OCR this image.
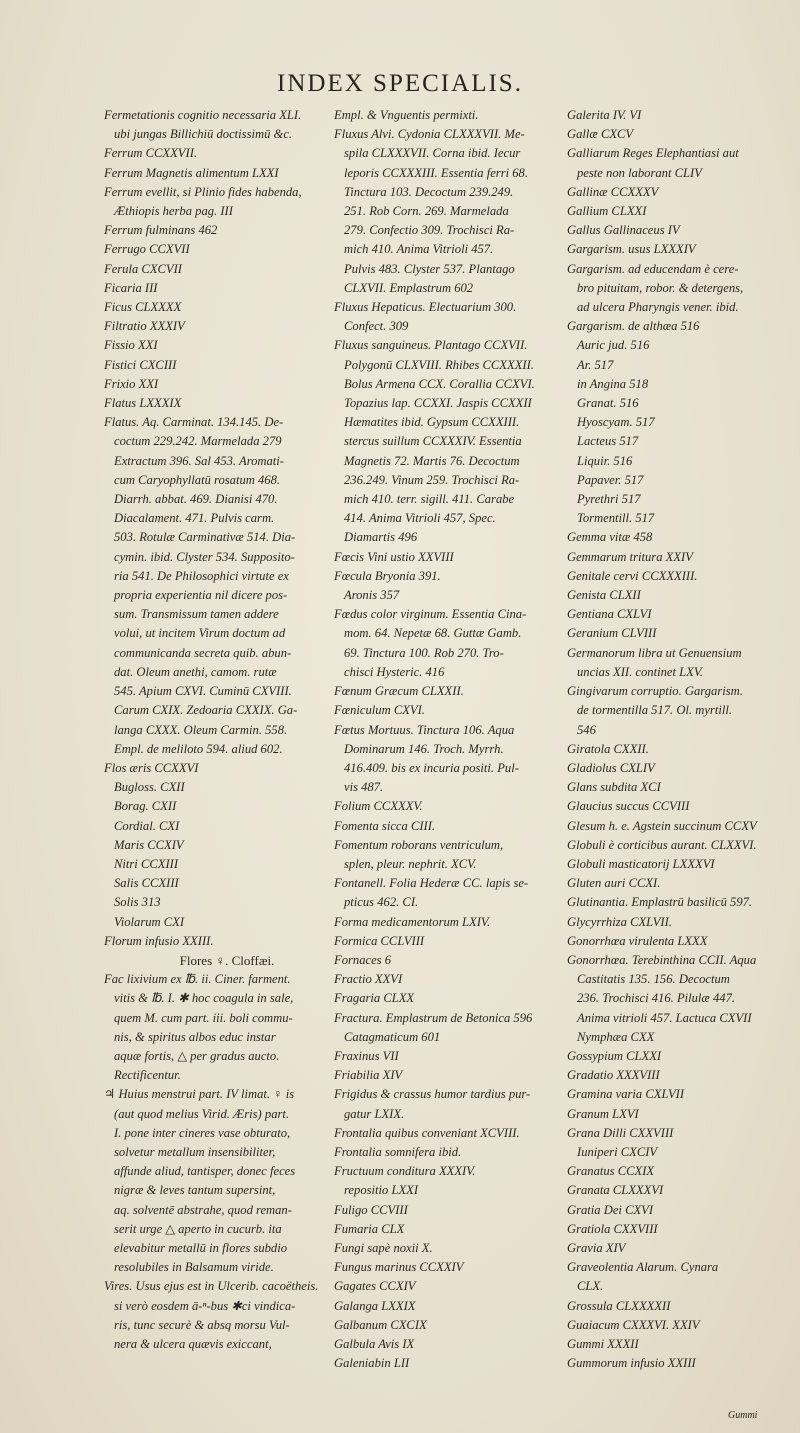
INDEX SPECIALIS.
Fermetationis cognitio necessaria XLI.
ubi jungas Billichiū doctissimū &c.
Ferrum CCXXVII.
Ferrum Magnetis alimentum LXXI
Ferrum evellit, si Plinio fides habenda,
Æthiopis herba pag. III
Ferrum fulminans 462
Ferrugo CCXVII
Ferula CXCVII
Ficaria III
Ficus CLXXXX
Filtratio XXXIV
Fissio XXI
Fistici CXCIII
Frixio XXI
Flatus LXXXIX
Flatus. Aq. Carminat. 134.145. De-
coctum 229.242. Marmelada 279
Extractum 396. Sal 453. Aromati-
cum Caryophyllatū rosatum 468.
Diarrh. abbat. 469. Dianisi 470.
Diacalament. 471. Pulvis carm.
503. Rotulæ Carminativæ 514. Dia-
cymin. ibid. Clyster 534. Supposito-
ria 541. De Philosophici virtute ex
propria experientia nil dicere pos-
sum. Transmissum tamen addere
volui, ut incitem Virum doctum ad
communicanda secreta quib. abun-
dat. Oleum anethi, camom. rutæ
545. Apium CXVI. Cuminū CXVIII.
Carum CXIX. Zedoaria CXXIX. Ga-
langa CXXX. Oleum Carmin. 558.
Empl. de meliloto 594. aliud 602.
Flos æris CCXXVI
Bugloss. CXII
Borag. CXII
Cordial. CXI
Maris CCXIV
Nitri CCXIII
Salis CCXIII
Solis 313
Violarum CXI
Florum infusio XXIII.
Flores ♀. Cloffæi.
Fac lixivium ex ℔. ii. Ciner. farment.
vitis & ℔. I. ✱ hoc coagula in sale,
quem M. cum part. iii. boli commu-
nis, & spiritus albos educ instar
aquæ fortis, △ per gradus aucto.
Rectificentur.
♃ Huius menstrui part. IV limat. ♀ is
(aut quod melius Virid. Æris) part.
I. pone inter cineres vase obturato,
solvetur metallum insensibiliter,
affunde aliud, tantisper, donec feces
nigræ & leves tantum supersint,
aq. solventē abstrahe, quod reman-
serit urge △ aperto in cucurb. ita
elevabitur metallū in flores subdio
resolubiles in Balsamum viride.
Vires. Usus ejus est in Ulcerib. cacoëtheis.
si verò eosdem ā-ⁿ-bus ✱ci vindica-
ris, tunc securè & absq morsu Vul-
nera & ulcera quævis exiccant,
Empl. & Vnguentis permixti.
Fluxus Alvi. Cydonia CLXXXVII. Me-
spila CLXXXVII. Corna ibid. Iecur
leporis CCXXXIII. Essentia ferri 68.
Tinctura 103. Decoctum 239.249.
251. Rob Corn. 269. Marmelada
279. Confectio 309. Trochisci Ra-
mich 410. Anima Vitrioli 457.
Pulvis 483. Clyster 537. Plantago
CLXVII. Emplastrum 602
Fluxus Hepaticus. Electuarium 300.
Confect. 309
Fluxus sanguineus. Plantago CCXVII.
Polygonū CLXVIII. Rhibes CCXXXII.
Bolus Armena CCX. Corallia CCXVI.
Topazius lap. CCXXI. Jaspis CCXXII
Hæmatites ibid. Gypsum CCXXIII.
stercus suillum CCXXXIV. Essentia
Magnetis 72. Martis 76. Decoctum
236.249. Vinum 259. Trochisci Ra-
mich 410. terr. sigill. 411. Carabe
414. Anima Vitrioli 457, Spec.
Diamartis 496
Fœcis Vini ustio XXVIII
Fœcula Bryonia 391.
Aronis 357
Fœdus color virginum. Essentia Cina-
mom. 64. Nepetæ 68. Guttæ Gamb.
69. Tinctura 100. Rob 270. Tro-
chisci Hysteric. 416
Fœnum Græcum CLXXII.
Fœniculum CXVI.
Fœtus Mortuus. Tinctura 106. Aqua
Dominarum 146. Troch. Myrrh.
416.409. bis ex incuria positi. Pul-
vis 487.
Folium CCXXXV.
Fomenta sicca CIII.
Fomentum roborans ventriculum,
splen, pleur. nephrit. XCV.
Fontanell. Folia Hederæ CC. lapis se-
pticus 462. CI.
Forma medicamentorum LXIV.
Formica CCLVIII
Fornaces 6
Fractio XXVI
Fragaria CLXX
Fractura. Emplastrum de Betonica 596
Catagmaticum 601
Fraxinus VII
Friabilia XIV
Frigidus & crassus humor tardius pur-
gatur LXIX.
Frontalia quibus conveniant XCVIII.
Frontalia somnifera ibid.
Fructuum conditura XXXIV.
repositio LXXI
Fuligo CCVIII
Fumaria CLX
Fungi sapè noxii X.
Fungus marinus CCXXIV
Gagates CCXIV
Galanga LXXIX
Galbanum CXCIX
Galbula Avis IX
Galeniabin LII
Galerita IV. VI
Gallæ CXCV
Galliarum Reges Elephantiasi aut
peste non laborant CLIV
Gallinæ CCXXXV
Gallium CLXXI
Gallus Gallinaceus IV
Gargarism. usus LXXXIV
Gargarism. ad educendam è cere-
bro pituitam, robor. & detergens,
ad ulcera Pharyngis vener. ibid.
Gargarism. de althæa 516
Auric jud. 516
Ar. 517
in Angina 518
Granat. 516
Hyoscyam. 517
Lacteus 517
Liquir. 516
Papaver. 517
Pyrethri 517
Tormentill. 517
Gemma vitæ 458
Gemmarum tritura XXIV
Genitale cervi CCXXXIII.
Genista CLXII
Gentiana CXLVI
Geranium CLVIII
Germanorum libra ut Genuensium
uncias XII. continet LXV.
Gingivarum corruptio. Gargarism.
de tormentilla 517. Ol. myrtill.
546
Giratola CXXII.
Gladiolus CXLIV
Glans subdita XCI
Glaucius succus CCVIII
Glesum h. e. Agstein succinum CCXV
Globuli è corticibus aurant. CLXXVI.
Globuli masticatorij LXXXVI
Gluten auri CCXI.
Glutinantia. Emplastrū basilicū 597.
Glycyrrhiza CXLVII.
Gonorrhœa virulenta LXXX
Gonorrhœa. Terebinthina CCII. Aqua
Castitatis 135. 156. Decoctum
236. Trochisci 416. Pilulæ 447.
Anima vitrioli 457. Lactuca CXVII
Nymphæa CXX
Gossypium CLXXI
Gradatio XXXVIII
Gramina varia CXLVII
Granum LXVI
Grana Dilli CXXVIII
Iuniperi CXCIV
Granatus CCXIX
Granata CLXXXVI
Gratia Dei CXVI
Gratiola CXXVIII
Gravia XIV
Graveolentia Alarum. Cynara
CLX.
Grossula CLXXXXII
Guaiacum CXXXVI. XXIV
Gummi XXXII
Gummorum infusio XXIII
Gummi
